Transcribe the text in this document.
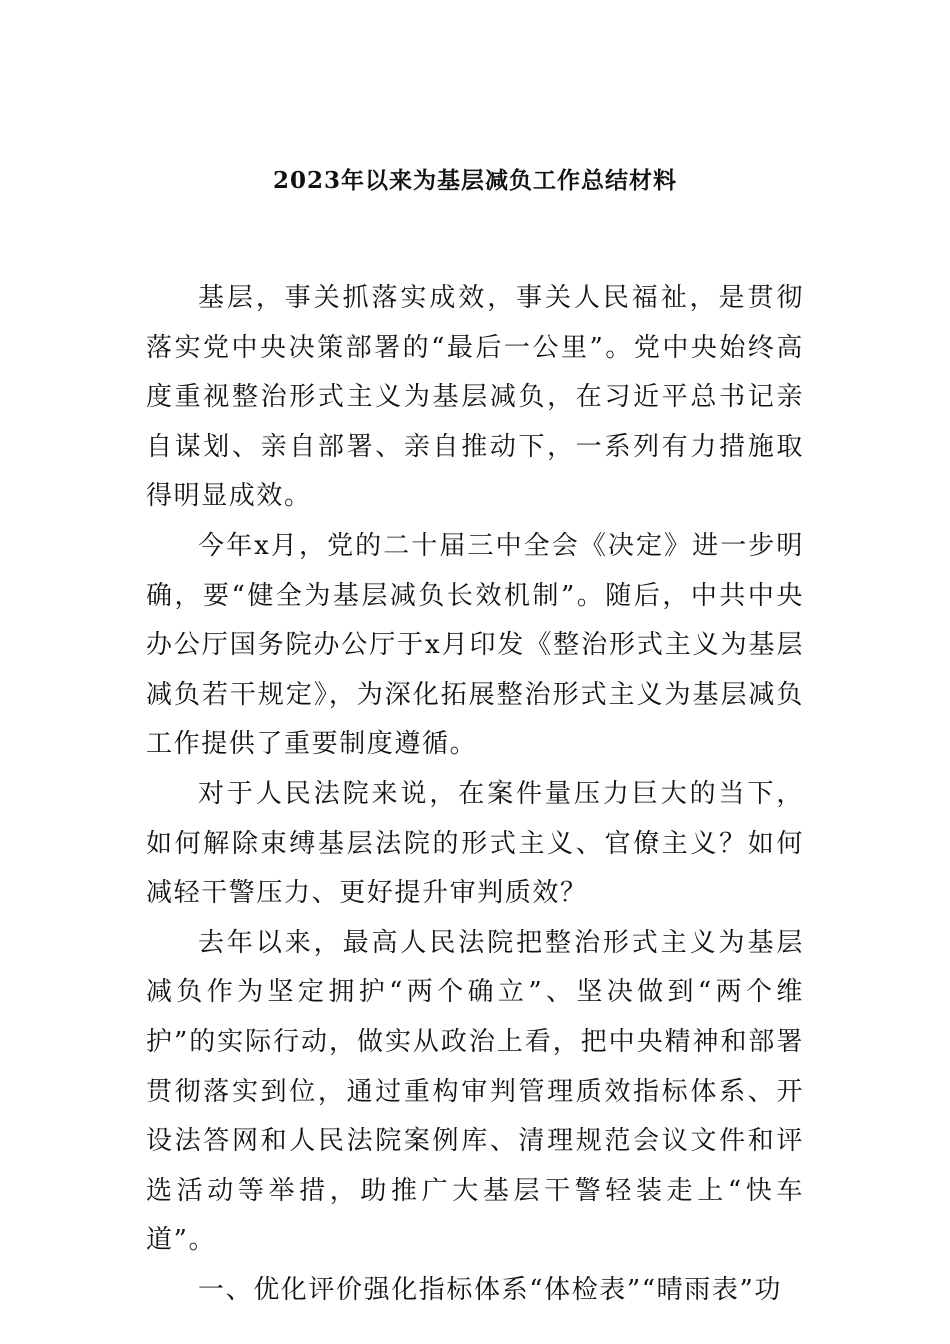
2023年以来为基层减负工作总结材料

基层，事关抓落实成效，事关人民福祉，是贯彻落实党中央决策部署的“最后一公里”。党中央始终高度重视整治形式主义为基层减负，在习近平总书记亲自谋划、亲自部署、亲自推动下，一系列有力措施取得明显成效。

今年x月，党的二十届三中全会《决定》进一步明确，要“健全为基层减负长效机制”。随后，中共中央办公厅国务院办公厅于x月印发《整治形式主义为基层减负若干规定》，为深化拓展整治形式主义为基层减负工作提供了重要制度遵循。

对于人民法院来说，在案件量压力巨大的当下，如何解除束缚基层法院的形式主义、官僚主义？如何减轻干警压力、更好提升审判质效？

去年以来，最高人民法院把整治形式主义为基层减负作为坚定拥护“两个确立”、坚决做到“两个维护”的实际行动，做实从政治上看，把中央精神和部署贯彻落实到位，通过重构审判管理质效指标体系、开设法答网和人民法院案例库、清理规范会议文件和评选活动等举措，助推广大基层干警轻装走上“快车道”。

一、优化评价强化指标体系“体检表”“晴雨表”功
